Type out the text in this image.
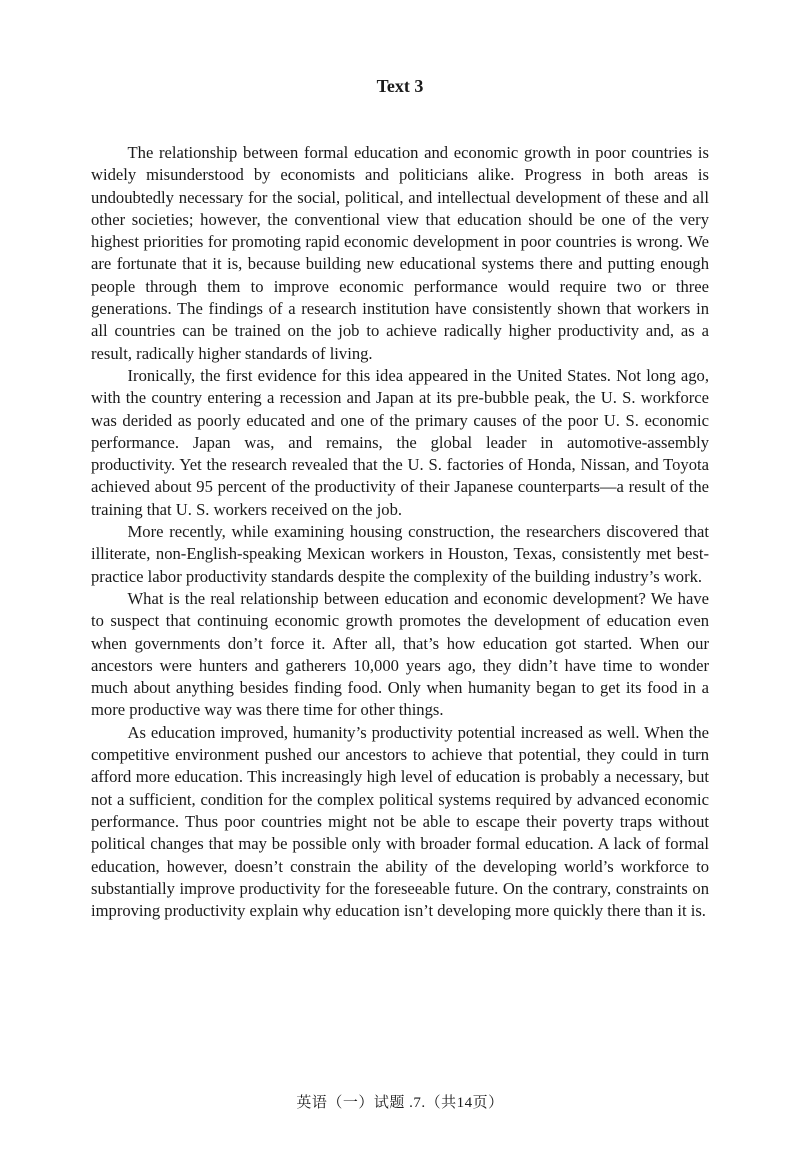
Text 3

The relationship between formal education and economic growth in poor countries is widely misunderstood by economists and politicians alike. Progress in both areas is undoubtedly necessary for the social, political, and intellectual development of these and all other societies; however, the conventional view that education should be one of the very highest priorities for promoting rapid economic development in poor countries is wrong. We are fortunate that it is, because building new educational systems there and putting enough people through them to improve economic performance would require two or three generations. The findings of a research institution have consistently shown that workers in all countries can be trained on the job to achieve radically higher productivity and, as a result, radically higher standards of living.

Ironically, the first evidence for this idea appeared in the United States. Not long ago, with the country entering a recession and Japan at its pre-bubble peak, the U. S. workforce was derided as poorly educated and one of the primary causes of the poor U. S. economic performance. Japan was, and remains, the global leader in automotive-assembly productivity. Yet the research revealed that the U. S. factories of Honda, Nissan, and Toyota achieved about 95 percent of the productivity of their Japanese counterparts—a result of the training that U. S. workers received on the job.

More recently, while examining housing construction, the researchers discovered that illiterate, non-English-speaking Mexican workers in Houston, Texas, consistently met best-practice labor productivity standards despite the complexity of the building industry’s work.

What is the real relationship between education and economic development? We have to suspect that continuing economic growth promotes the development of education even when governments don’t force it. After all, that’s how education got started. When our ancestors were hunters and gatherers 10,000 years ago, they didn’t have time to wonder much about anything besides finding food. Only when humanity began to get its food in a more productive way was there time for other things.

As education improved, humanity’s productivity potential increased as well. When the competitive environment pushed our ancestors to achieve that potential, they could in turn afford more education. This increasingly high level of education is probably a necessary, but not a sufficient, condition for the complex political systems required by advanced economic performance. Thus poor countries might not be able to escape their poverty traps without political changes that may be possible only with broader formal education. A lack of formal education, however, doesn’t constrain the ability of the developing world’s workforce to substantially improve productivity for the foreseeable future. On the contrary, constraints on improving productivity explain why education isn’t developing more quickly there than it is.

英语（一）试题 .7.（共14页）
